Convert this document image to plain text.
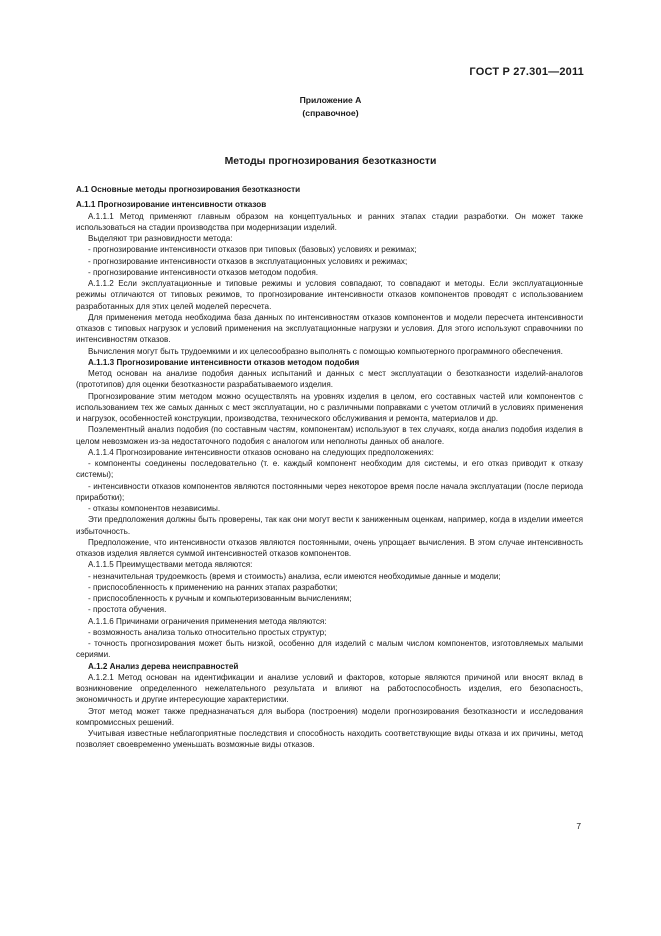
ГОСТ Р 27.301—2011
Приложение А
(справочное)
Методы прогнозирования безотказности

А.1 Основные методы прогнозирования безотказности

А.1.1 Прогнозирование интенсивности отказов

А.1.1.1 Метод применяют главным образом на концептуальных и ранних этапах стадии разработки. Он может также использоваться на стадии производства при модернизации изделий.

Выделяют три разновидности метода:

- прогнозирование интенсивности отказов при типовых (базовых) условиях и режимах;

- прогнозирование интенсивности отказов в эксплуатационных условиях и режимах;

- прогнозирование интенсивности отказов методом подобия.

А.1.1.2 Если эксплуатационные и типовые режимы и условия совпадают, то совпадают и методы. Если эксплуатационные режимы отличаются от типовых режимов, то прогнозирование интенсивности отказов компонентов проводят с использованием разработанных для этих целей моделей пересчета.

Для применения метода необходима база данных по интенсивностям отказов компонентов и модели пересчета интенсивности отказов с типовых нагрузок и условий применения на эксплуатационные нагрузки и условия. Для этого используют справочники по интенсивностям отказов.

Вычисления могут быть трудоемкими и их целесообразно выполнять с помощью компьютерного программного обеспечения.

А.1.1.3 Прогнозирование интенсивности отказов методом подобия

Метод основан на анализе подобия данных испытаний и данных с мест эксплуатации о безотказности изделий-аналогов (прототипов) для оценки безотказности разрабатываемого изделия.

Прогнозирование этим методом можно осуществлять на уровнях изделия в целом, его составных частей или компонентов с использованием тех же самых данных с мест эксплуатации, но с различными поправками с учетом отличий в условиях применения и нагрузок, особенностей конструкции, производства, технического обслуживания и ремонта, материалов и др.

Поэлементный анализ подобия (по составным частям, компонентам) используют в тех случаях, когда анализ подобия изделия в целом невозможен из-за недостаточного подобия с аналогом или неполноты данных об аналоге.

А.1.1.4 Прогнозирование интенсивности отказов основано на следующих предположениях:

- компоненты соединены последовательно (т. е. каждый компонент необходим для системы, и его отказ приводит к отказу системы);

- интенсивности отказов компонентов являются постоянными через некоторое время после начала эксплуатации (после периода приработки);

- отказы компонентов независимы.

Эти предположения должны быть проверены, так как они могут вести к заниженным оценкам, например, когда в изделии имеется избыточность.

Предположение, что интенсивности отказов являются постоянными, очень упрощает вычисления. В этом случае интенсивность отказов изделия является суммой интенсивностей отказов компонентов.

А.1.1.5 Преимуществами метода являются:

- незначительная трудоемкость (время и стоимость) анализа, если имеются необходимые данные и модели;

- приспособленность к применению на ранних этапах разработки;

- приспособленность к ручным и компьютеризованным вычислениям;

- простота обучения.

А.1.1.6 Причинами ограничения применения метода являются:

- возможность анализа только относительно простых структур;

- точность прогнозирования может быть низкой, особенно для изделий с малым числом компонентов, изготовляемых малыми сериями.

А.1.2 Анализ дерева неисправностей

А.1.2.1 Метод основан на идентификации и анализе условий и факторов, которые являются причиной или вносят вклад в возникновение определенного нежелательного результата и влияют на работоспособность изделия, его безопасность, экономичность и другие интересующие характеристики.

Этот метод может также предназначаться для выбора (построения) модели прогнозирования безотказности и исследования компромиссных решений.

Учитывая известные неблагоприятные последствия и способность находить соответствующие виды отказа и их причины, метод позволяет своевременно уменьшать возможные виды отказов.

7
